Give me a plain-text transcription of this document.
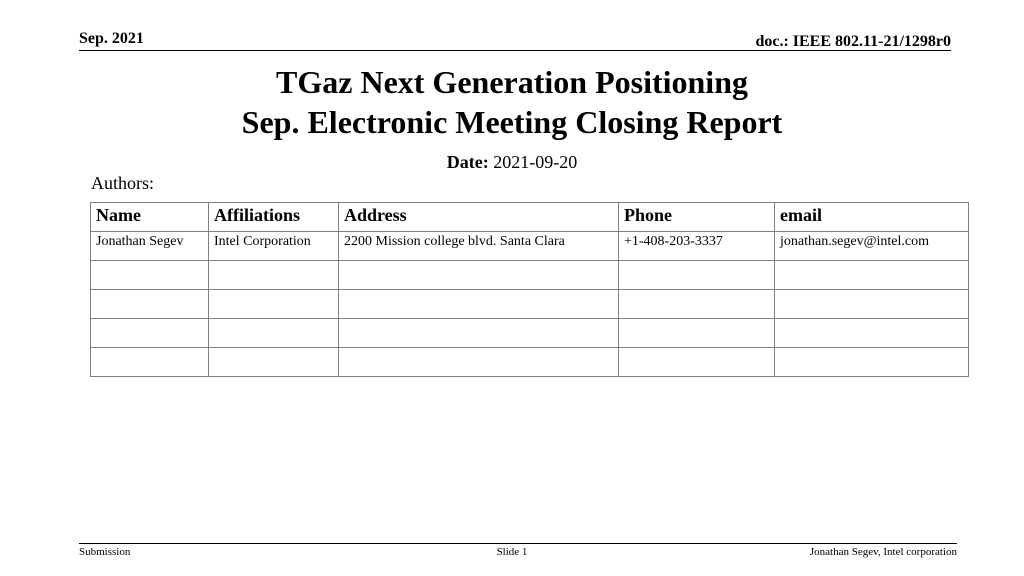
Sep. 2021	doc.: IEEE 802.11-21/1298r0
TGaz Next Generation Positioning
Sep. Electronic Meeting Closing Report
Date: 2021-09-20
Authors:
Name	Affiliations	Address	Phone	email
Jonathan Segev	Intel Corporation	2200 Mission college blvd. Santa Clara	+1-408-203-3337	jonathan.segev@intel.com

Submission	Slide 1	Jonathan Segev, Intel corporation
